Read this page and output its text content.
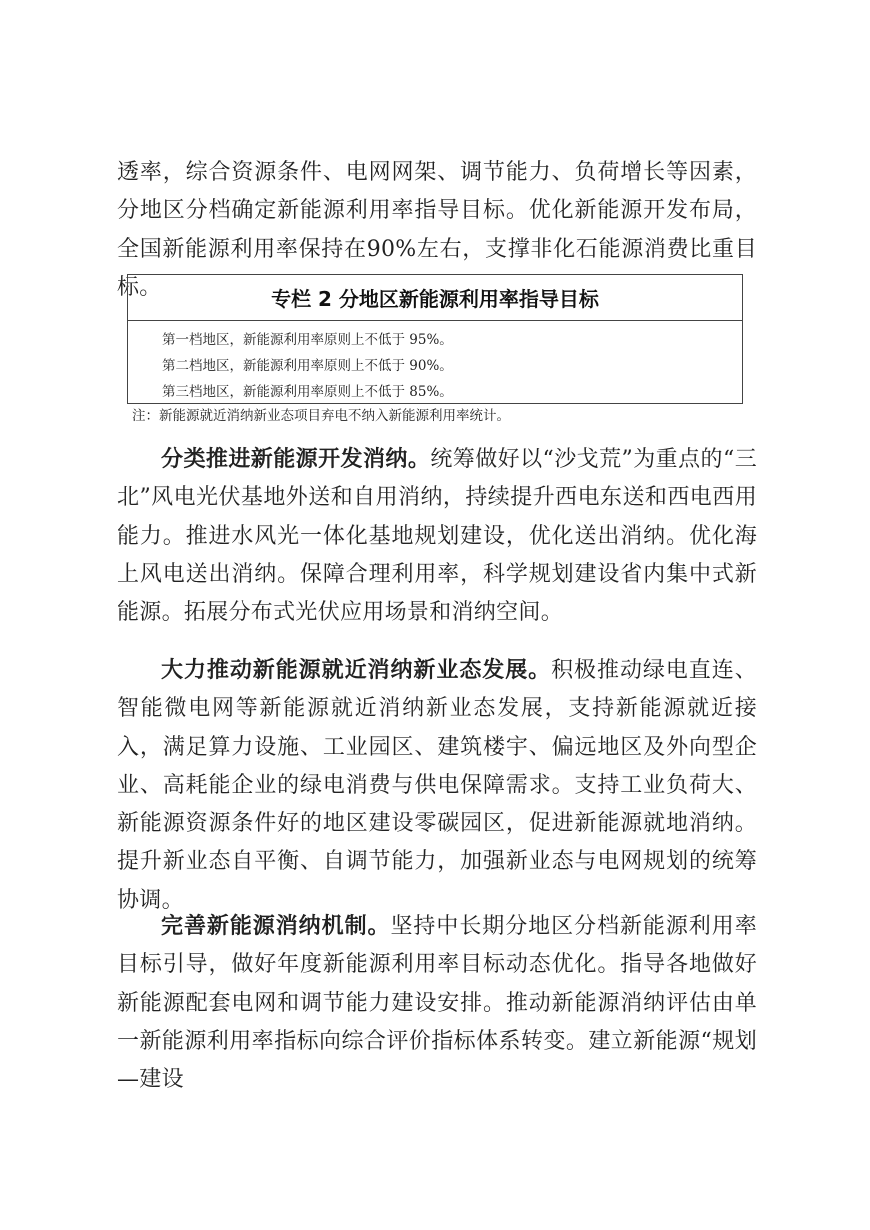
透率，综合资源条件、电网网架、调节能力、负荷增长等因素，分地区分档确定新能源利用率指导目标。优化新能源开发布局，全国新能源利用率保持在90%左右，支撑非化石能源消费比重目标。	专栏 2 分地区新能源利用率指导目标
第一档地区，新能源利用率原则上不低于 95%。
第二档地区，新能源利用率原则上不低于 90%。
第三档地区，新能源利用率原则上不低于 85%。
注：新能源就近消纳新业态项目弃电不纳入新能源利用率统计。

分类推进新能源开发消纳。统筹做好以“沙戈荒”为重点的“三北”风电光伏基地外送和自用消纳，持续提升西电东送和西电西用能力。推进水风光一体化基地规划建设，优化送出消纳。优化海上风电送出消纳。保障合理利用率，科学规划建设省内集中式新能源。拓展分布式光伏应用场景和消纳空间。

大力推动新能源就近消纳新业态发展。积极推动绿电直连、智能微电网等新能源就近消纳新业态发展，支持新能源就近接入，满足算力设施、工业园区、建筑楼宇、偏远地区及外向型企业、高耗能企业的绿电消费与供电保障需求。支持工业负荷大、新能源资源条件好的地区建设零碳园区，促进新能源就地消纳。提升新业态自平衡、自调节能力，加强新业态与电网规划的统筹协调。

完善新能源消纳机制。坚持中长期分地区分档新能源利用率目标引导，做好年度新能源利用率目标动态优化。指导各地做好新能源配套电网和调节能力建设安排。推动新能源消纳评估由单一新能源利用率指标向综合评价指标体系转变。建立新能源“规划—建设
